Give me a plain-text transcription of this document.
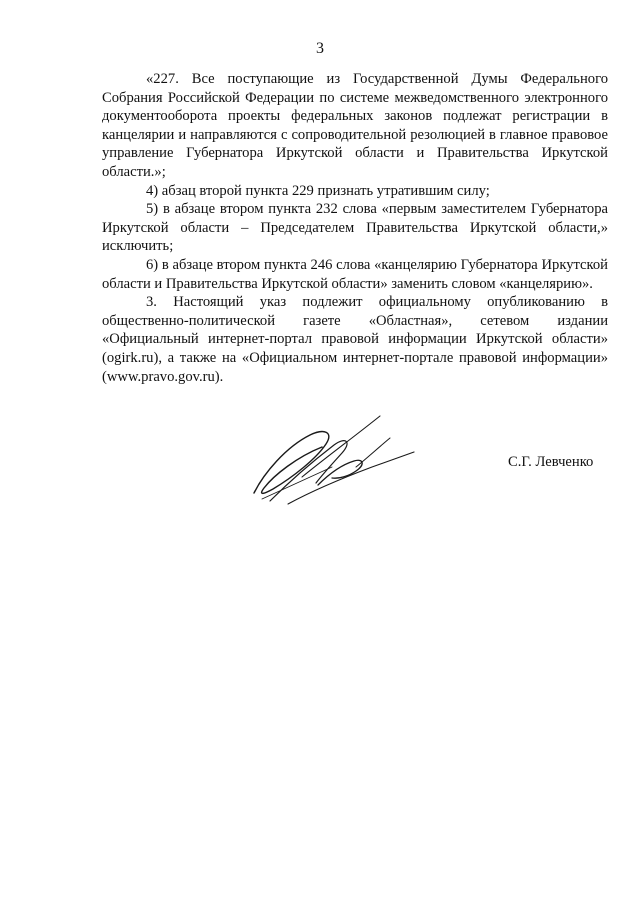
3

«227. Все поступающие из Государственной Думы Федерального Собрания Российской Федерации по системе межведомственного электронного документооборота проекты федеральных законов подлежат регистрации в канцелярии и направляются с сопроводительной резолюцией в главное правовое управление Губернатора Иркутской области и Правительства Иркутской области.»;

4) абзац второй пункта 229 признать утратившим силу;

5) в абзаце втором пункта 232 слова «первым заместителем Губернатора Иркутской области – Председателем Правительства Иркутской области,» исключить;

6) в абзаце втором пункта 246 слова «канцелярию Губернатора Иркутской области и Правительства Иркутской области» заменить словом «канцелярию».

3. Настоящий указ подлежит официальному опубликованию в общественно-политической газете «Областная», сетевом издании «Официальный интернет-портал правовой информации Иркутской области» (ogirk.ru), а также на «Официальном интернет-портале правовой информации» (www.pravo.gov.ru).

С.Г. Левченко
